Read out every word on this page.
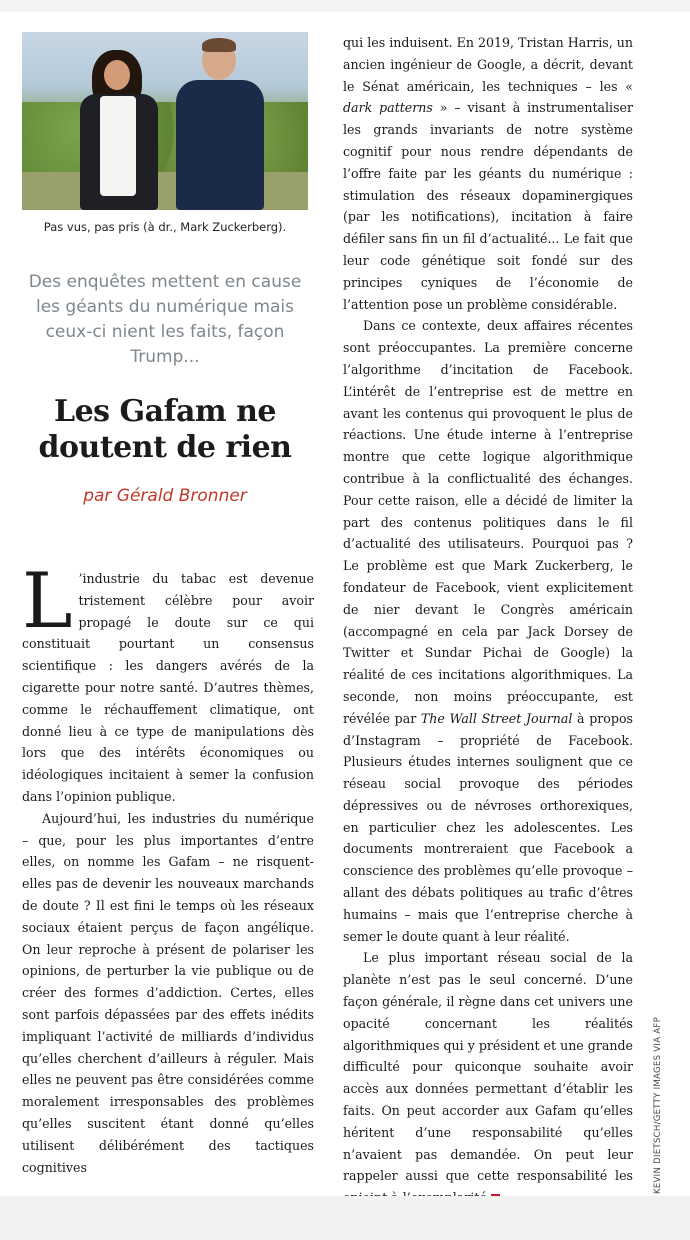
Pas vus, pas pris (à dr., Mark Zuckerberg).
Des enquêtes mettent en cause les géants du numérique mais ceux-ci nient les faits, façon Trump...
Les Gafam ne
doutent de rien
par Gérald Bronner

L ’industrie du tabac est devenue tristement célèbre pour avoir propagé le doute sur ce qui constituait pourtant un consensus scientifique : les dangers avérés de la cigarette pour notre santé. D’autres thèmes, comme le réchauffement climatique, ont donné lieu à ce type de manipulations dès lors que des intérêts économiques ou idéologiques incitaient à semer la confusion dans l’opinion publique.

Aujourd’hui, les industries du numérique – que, pour les plus importantes d’entre elles, on nomme les Gafam – ne risquent-elles pas de devenir les nouveaux marchands de doute ? Il est fini le temps où les réseaux sociaux étaient perçus de façon angélique. On leur reproche à présent de polariser les opinions, de perturber la vie publique ou de créer des formes d’addiction. Certes, elles sont parfois dépassées par des effets inédits impliquant l’activité de milliards d’individus qu’elles cherchent d’ailleurs à réguler. Mais elles ne peuvent pas être considérées comme moralement irresponsables des problèmes qu’elles suscitent étant donné qu’elles utilisent délibérément des tactiques cognitives

qui les induisent. En 2019, Tristan Harris, un ancien ingénieur de Google, a décrit, devant le Sénat américain, les techniques – les « dark patterns » – visant à instrumentaliser les grands invariants de notre système cognitif pour nous rendre dépendants de l’offre faite par les géants du numérique : stimulation des réseaux dopaminergiques (par les notifications), incitation à faire défiler sans fin un fil d’actualité... Le fait que leur code génétique soit fondé sur des principes cyniques de l’économie de l’attention pose un problème considérable.

Dans ce contexte, deux affaires récentes sont préoccupantes. La première concerne l’algorithme d’incitation de Facebook. L’intérêt de l’entreprise est de mettre en avant les contenus qui provoquent le plus de réactions. Une étude interne à l’entreprise montre que cette logique algorithmique contribue à la conflictualité des échanges. Pour cette raison, elle a décidé de limiter la part des contenus politiques dans le fil d’actualité des utilisateurs. Pourquoi pas ? Le problème est que Mark Zuckerberg, le fondateur de Facebook, vient explicitement de nier devant le Congrès américain (accompagné en cela par Jack Dorsey de Twitter et Sundar Pichai de Google) la réalité de ces incitations algorithmiques. La seconde, non moins préoccupante, est révélée par The Wall Street Journal à propos d’Instagram – propriété de Facebook. Plusieurs études internes soulignent que ce réseau social provoque des périodes dépressives ou de névroses orthorexiques, en particulier chez les adolescentes. Les documents montreraient que Facebook a conscience des problèmes qu’elle provoque – allant des débats politiques au trafic d’êtres humains – mais que l’entreprise cherche à semer le doute quant à leur réalité.

Le plus important réseau social de la planète n’est pas le seul concerné. D’une façon générale, il règne dans cet univers une opacité concernant les réalités algorithmiques qui y président et une grande difficulté pour quiconque souhaite avoir accès aux données permettant d’établir les faits. On peut accorder aux Gafam qu’elles héritent d’une responsabilité qu’elles n’avaient pas demandée. On peut leur rappeler aussi que cette responsabilité les KEVIN DIETSCH/GETTY IMAGES VIA AFP
